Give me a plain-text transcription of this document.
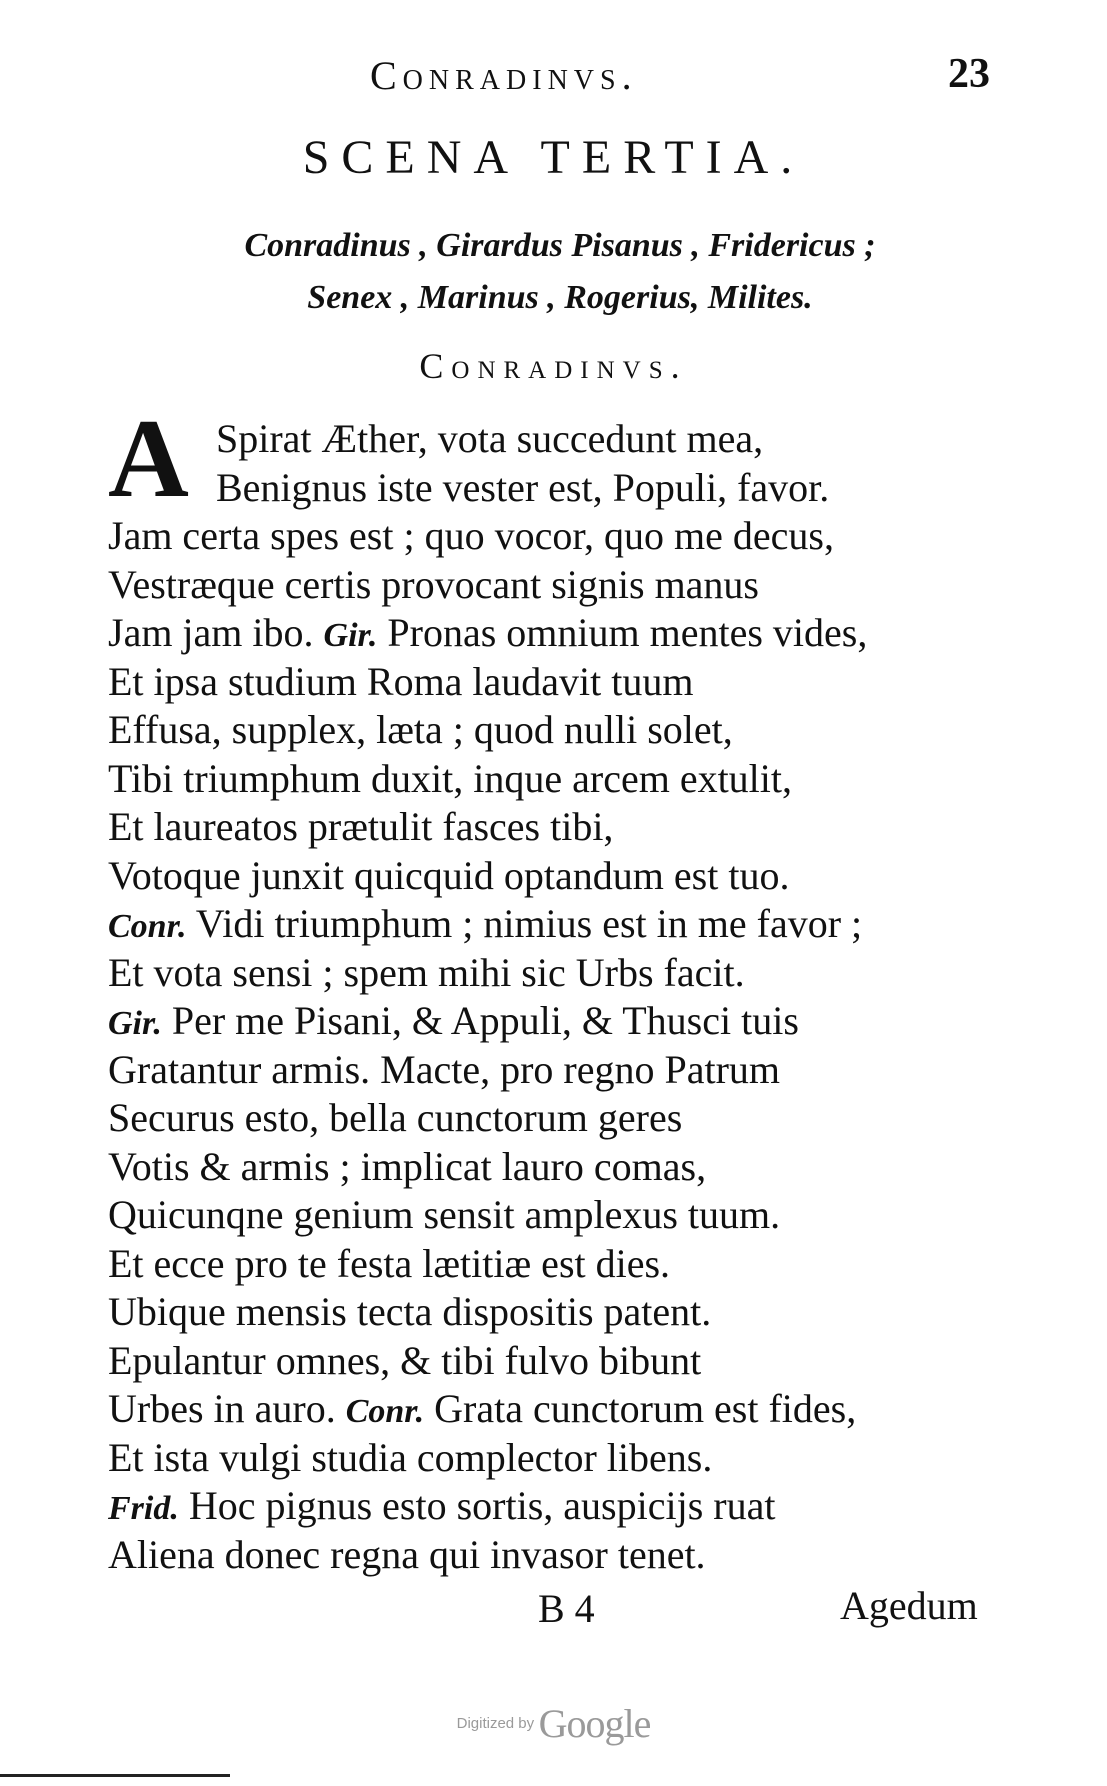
Conradinvs.	23
SCENA TERTIA.
Conradinus , Girardus Pisanus , Fridericus ;
Senex , Marinus , Rogerius, Milites.
Conradinvs.
A Spirat Æther, vota succedunt mea,
Benignus iste vester est, Populi, favor.
Jam certa spes est ; quo vocor, quo me decus,
Vestræque certis provocant signis manus
Jam jam ibo. Gir. Pronas omnium mentes vides,
Et ipsa studium Roma laudavit tuum
Effusa, supplex, læta ; quod nulli solet,
Tibi triumphum duxit, inque arcem extulit,
Et laureatos prætulit fasces tibi,
Votoque junxit quicquid optandum est tuo.
Conr. Vidi triumphum ; nimius est in me favor ;
Et vota sensi ; spem mihi sic Urbs facit.
Gir. Per me Pisani, & Appuli, & Thusci tuis
Gratantur armis. Macte, pro regno Patrum
Securus esto, bella cunctorum geres
Votis & armis ; implicat lauro comas,
Quicunqne genium sensit amplexus tuum.
Et ecce pro te festa lætitiæ est dies.
Ubique mensis tecta dispositis patent.
Epulantur omnes, & tibi fulvo bibunt
Urbes in auro. Conr. Grata cunctorum est fides,
Et ista vulgi studia complector libens.
Frid. Hoc pignus esto sortis, auspicijs ruat
Aliena donec regna qui invasor tenet.
B 4	Agedum
Digitized by Google
